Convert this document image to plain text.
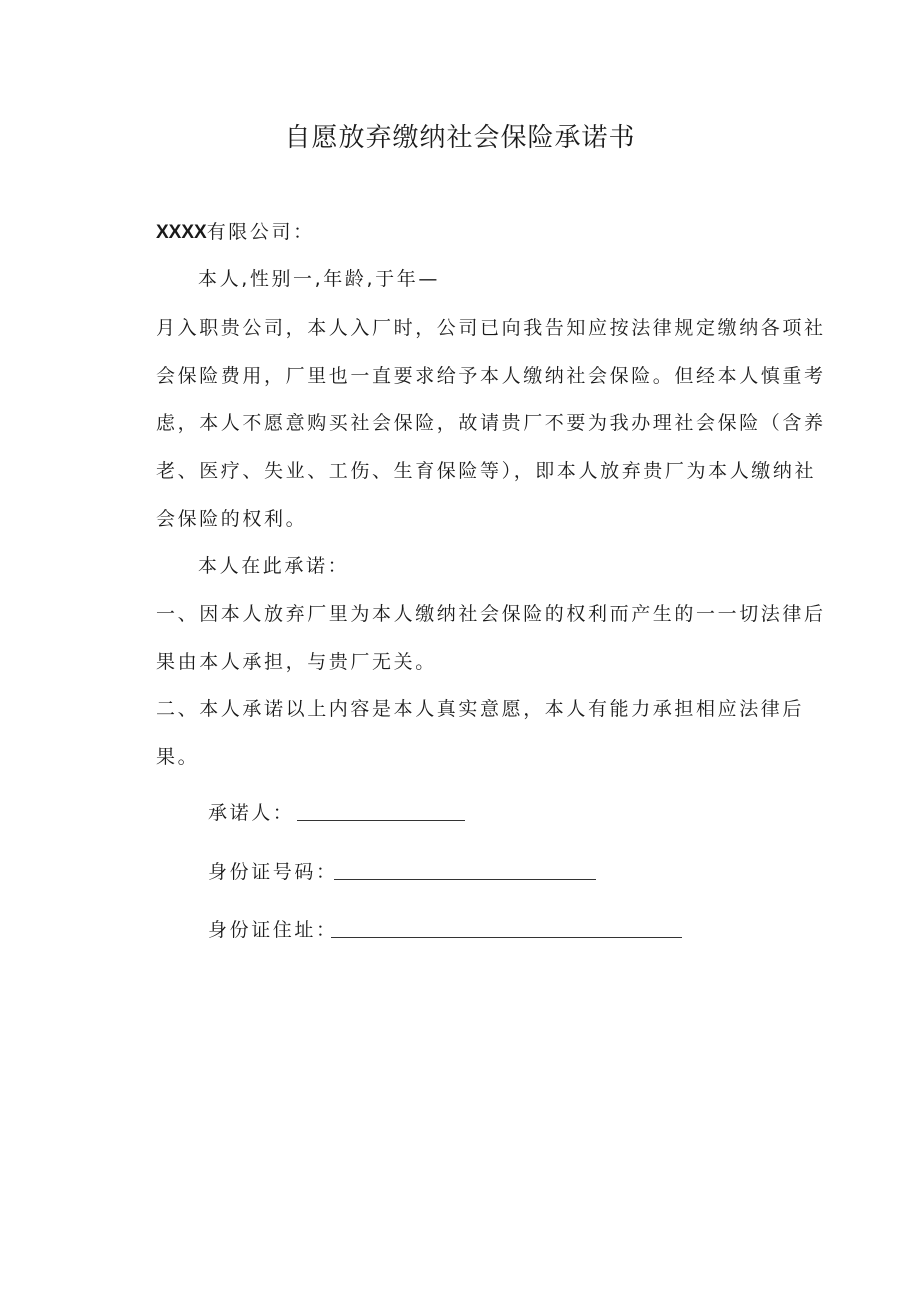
自愿放弃缴纳社会保险承诺书
XXXX有限公司：
本人,性别一,年龄,于年—
月入职贵公司，本人入厂时，公司已向我告知应按法律规定缴纳各项社
会保险费用，厂里也一直要求给予本人缴纳社会保险。但经本人慎重考
虑，本人不愿意购买社会保险，故请贵厂不要为我办理社会保险（含养
老、医疗、失业、工伤、生育保险等），即本人放弃贵厂为本人缴纳社
会保险的权利。
本人在此承诺：
一、因本人放弃厂里为本人缴纳社会保险的权利而产生的一一切法律后
果由本人承担，与贵厂无关。
二、本人承诺以上内容是本人真实意愿，本人有能力承担相应法律后
果。
承诺人：
身份证号码：
身份证住址：
